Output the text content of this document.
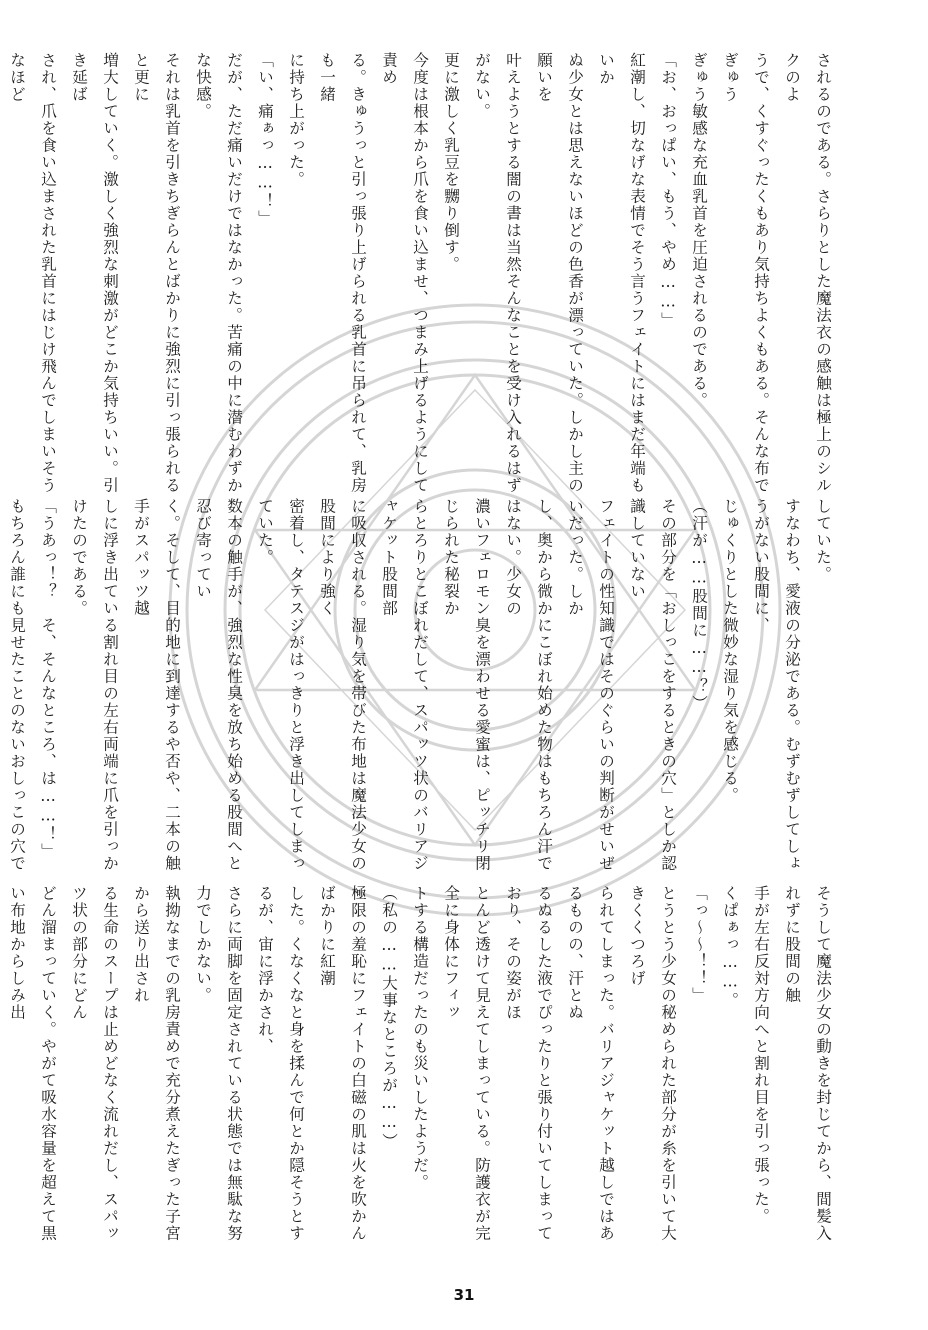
されるのである。さらりとした魔法衣の感触は極上のシルクのよ
うで、くすぐったくもあり気持ちよくもある。そんな布でぎゅう
ぎゅう敏感な充血乳首を圧迫されるのである。
「お、おっぱい、もう、やめ……」
紅潮し、切なげな表情でそう言うフェイトにはまだ年端もいか
ぬ少女とは思えないほどの色香が漂っていた。しかし主の願いを
叶えようとする闇の書は当然そんなことを受け入れるはずがない。
更に激しく乳豆を嬲り倒す。
今度は根本から爪を食い込ませ、つまみ上げるようにして責め
る。きゅうっと引っ張り上げられる乳首に吊られて、乳房も一緒
に持ち上がった。
「い、痛ぁっ……！」
だが、ただ痛いだけではなかった。苦痛の中に潜むわずかな快感。
それは乳首を引きちぎらんとばかりに強烈に引っ張られると更に
増大していく。激しく強烈な刺激がどこか気持ちいい。引き延ば
され、爪を食い込まされた乳首にはじけ飛んでしまいそうなほど
していた。
すなわち、愛液の分泌である。むずむずしてしょうがない股間に、
じゅくりとした微妙な湿り気を感じる。
（汗が……股間に……？）
その部分を「おしっこをするときの穴」としか認識していない
フェイトの性知識ではそのぐらいの判断がせいぜいだった。しか
し、奥から微かにこぼれ始めた物はもちろん汗ではない。少女の
濃いフェロモン臭を漂わせる愛蜜は、ピッチリ閉じられた秘裂か
らとろりとこぼれだして、スパッツ状のバリアジャケット股間部
に吸収される。湿り気を帯びた布地は魔法少女の股間により強く
密着し、タテスジがはっきりと浮き出してしまっていた。
数本の触手が、強烈な性臭を放ち始める股間へと忍び寄ってい
く。そして、目的地に到達するや否や、二本の触手がスパッツ越
しに浮き出ている割れ目の左右両端に爪を引っかけたのである。
「うあっ！？　そ、そんなところ、は……！」
もちろん誰にも見せたことのないおしっこの穴で
そうして魔法少女の動きを封じてから、間髪入れずに股間の触
手が左右反対方向へと割れ目を引っ張った。
くぱぁっ……。
「っ～～！！」
とうとう少女の秘められた部分が糸を引いて大きくくつろげ
られてしまった。バリアジャケット越しではあるものの、汗とぬ
るぬるした液でぴったりと張り付いてしまっており、その姿がほ
とんど透けて見えてしまっている。防護衣が完全に身体にフィッ
トする構造だったのも災いしたようだ。
（私の……大事なところが……）
極限の羞恥にフェイトの白磁の肌は火を吹かんばかりに紅潮
した。くなくなと身を揉んで何とか隠そうとするが、宙に浮かされ、
さらに両脚を固定されている状態では無駄な努力でしかない。
執拗なまでの乳房責めで充分煮えたぎった子宮から送り出され
る生命のスープは止めどなく流れだし、スパッツ状の部分にどん
どん溜まっていく。やがて吸水容量を超えて黒い布地からしみ出
31
